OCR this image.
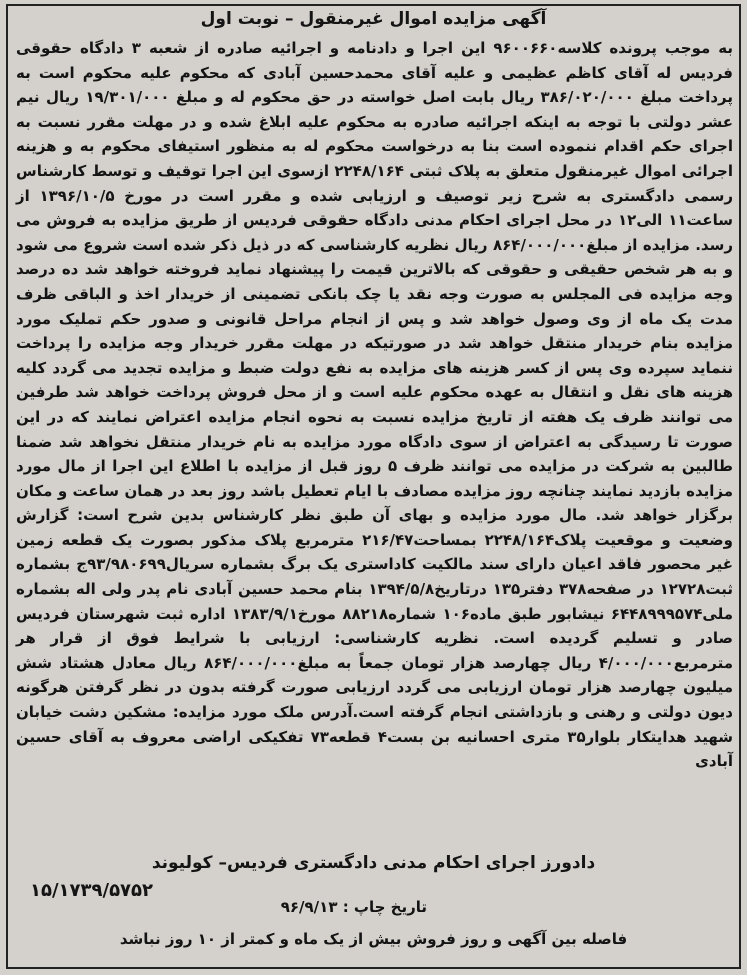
آگهی مزایده اموال غیرمنقول – نوبت اول
به موجب پرونده کلاسه۹۶۰۰۶۶۰ این اجرا و دادنامه و اجرائیه صادره از شعبه ۳ دادگاه حقوقی فردیس له آقای کاظم عظیمی و علیه آقای محمدحسین آبادی که محکوم علیه محکوم است به پرداخت مبلغ ۳۸۶/۰۲۰/۰۰۰ ریال بابت اصل خواسته در حق محکوم له و مبلغ ۱۹/۳۰۱/۰۰۰ ریال نیم عشر دولتی با توجه به اینکه اجرائیه صادره به محکوم علیه ابلاغ شده و در مهلت مقرر نسبت به اجرای حکم اقدام ننموده است بنا به درخواست محکوم له به منظور استیفای محکوم به و هزینه اجرائی اموال غیرمنقول متعلق به پلاک ثبتی ۲۲۴۸/۱۶۴ ازسوی این اجرا توقیف و توسط کارشناس رسمی دادگستری به شرح زیر توصیف و ارزیابی شده و مقرر است در مورخ ۱۳۹۶/۱۰/۵ از ساعت۱۱ الی۱۲ در محل اجرای احکام مدنی دادگاه حقوقی فردیس از طریق مزایده به فروش می رسد. مزایده از مبلغ۸۶۴/۰۰۰/۰۰۰ ریال نظریه کارشناسی که در ذیل ذکر شده است شروع می شود و به هر شخص حقیقی و حقوقی که بالاترین قیمت را پیشنهاد نماید فروخته خواهد شد ده درصد وجه مزایده فی المجلس به صورت وجه نقد یا چک بانکی تضمینی از خریدار اخذ و الباقی ظرف مدت یک ماه از وی وصول خواهد شد و پس از انجام مراحل قانونی و صدور حکم تملیک مورد مزایده بنام خریدار منتقل خواهد شد در صورتیکه در مهلت مقرر خریدار وجه مزایده را پرداخت ننماید سپرده وی پس از کسر هزینه های مزایده به نفع دولت ضبط و مزایده تجدید می گردد کلیه هزینه های نقل و انتقال به عهده محکوم علیه است و از محل فروش پرداخت خواهد شد طرفین می توانند ظرف یک هفته از تاریخ مزایده نسبت به نحوه انجام مزایده اعتراض نمایند که در این صورت تا رسیدگی به اعتراض از سوی دادگاه مورد مزایده به نام خریدار منتقل نخواهد شد ضمنا طالبین به شرکت در مزایده می توانند ظرف ۵ روز قبل از مزایده با اطلاع این اجرا از مال مورد مزایده بازدید نمایند چنانچه روز مزایده مصادف با ایام تعطیل باشد روز بعد در همان ساعت و مکان برگزار خواهد شد. مال مورد مزایده و بهای آن طبق نظر کارشناس بدین شرح است: گزارش وضعیت و موقعیت پلاک۲۲۴۸/۱۶۴ بمساحت۲۱۶/۴۷ مترمربع پلاک مذکور بصورت یک قطعه زمین غیر محصور فاقد اعیان دارای سند مالکیت کاداستری یک برگ بشماره سریال۹۳/۹۸۰۶۹۹ج بشماره ثبت۱۲۷۲۸ در صفحه۳۷۸ دفتر۱۳۵ درتاریخ۱۳۹۴/۵/۸ بنام محمد حسین آبادی نام پدر ولی اله بشماره ملی۶۴۴۸۹۹۹۵۷۴ نیشابور طبق ماده۱۰۶ شماره۸۸۲۱۸ مورخ۱۳۸۳/۹/۱ اداره ثبت شهرستان فردیس صادر و تسلیم گردیده است. نظریه کارشناسی: ارزیابی با شرایط فوق از قرار هر مترمربع۴/۰۰۰/۰۰۰ ریال چهارصد هزار تومان جمعاً به مبلغ۸۶۴/۰۰۰/۰۰۰ ریال معادل هشتاد شش میلیون چهارصد هزار تومان ارزیابی می گردد ارزیابی صورت گرفته بدون در نظر گرفتن هرگونه دیون دولتی و رهنی و بازداشتی انجام گرفته است.آدرس ملک مورد مزایده: مشکین دشت خیابان شهید هدایتکار بلوار۳۵ متری احسانیه بن بست۴ قطعه۷۳ تفکیکی اراضی معروف به آقای حسین آبادی
دادورز اجرای احکام مدنی دادگستری فردیس– کولیوند
تاریخ چاپ : ۹۶/۹/۱۳
۱۵/۱۷۳۹/۵۷۵۲
فاصله بین آگهی و روز فروش بیش از یک ماه و کمتر از ۱۰ روز نباشد
